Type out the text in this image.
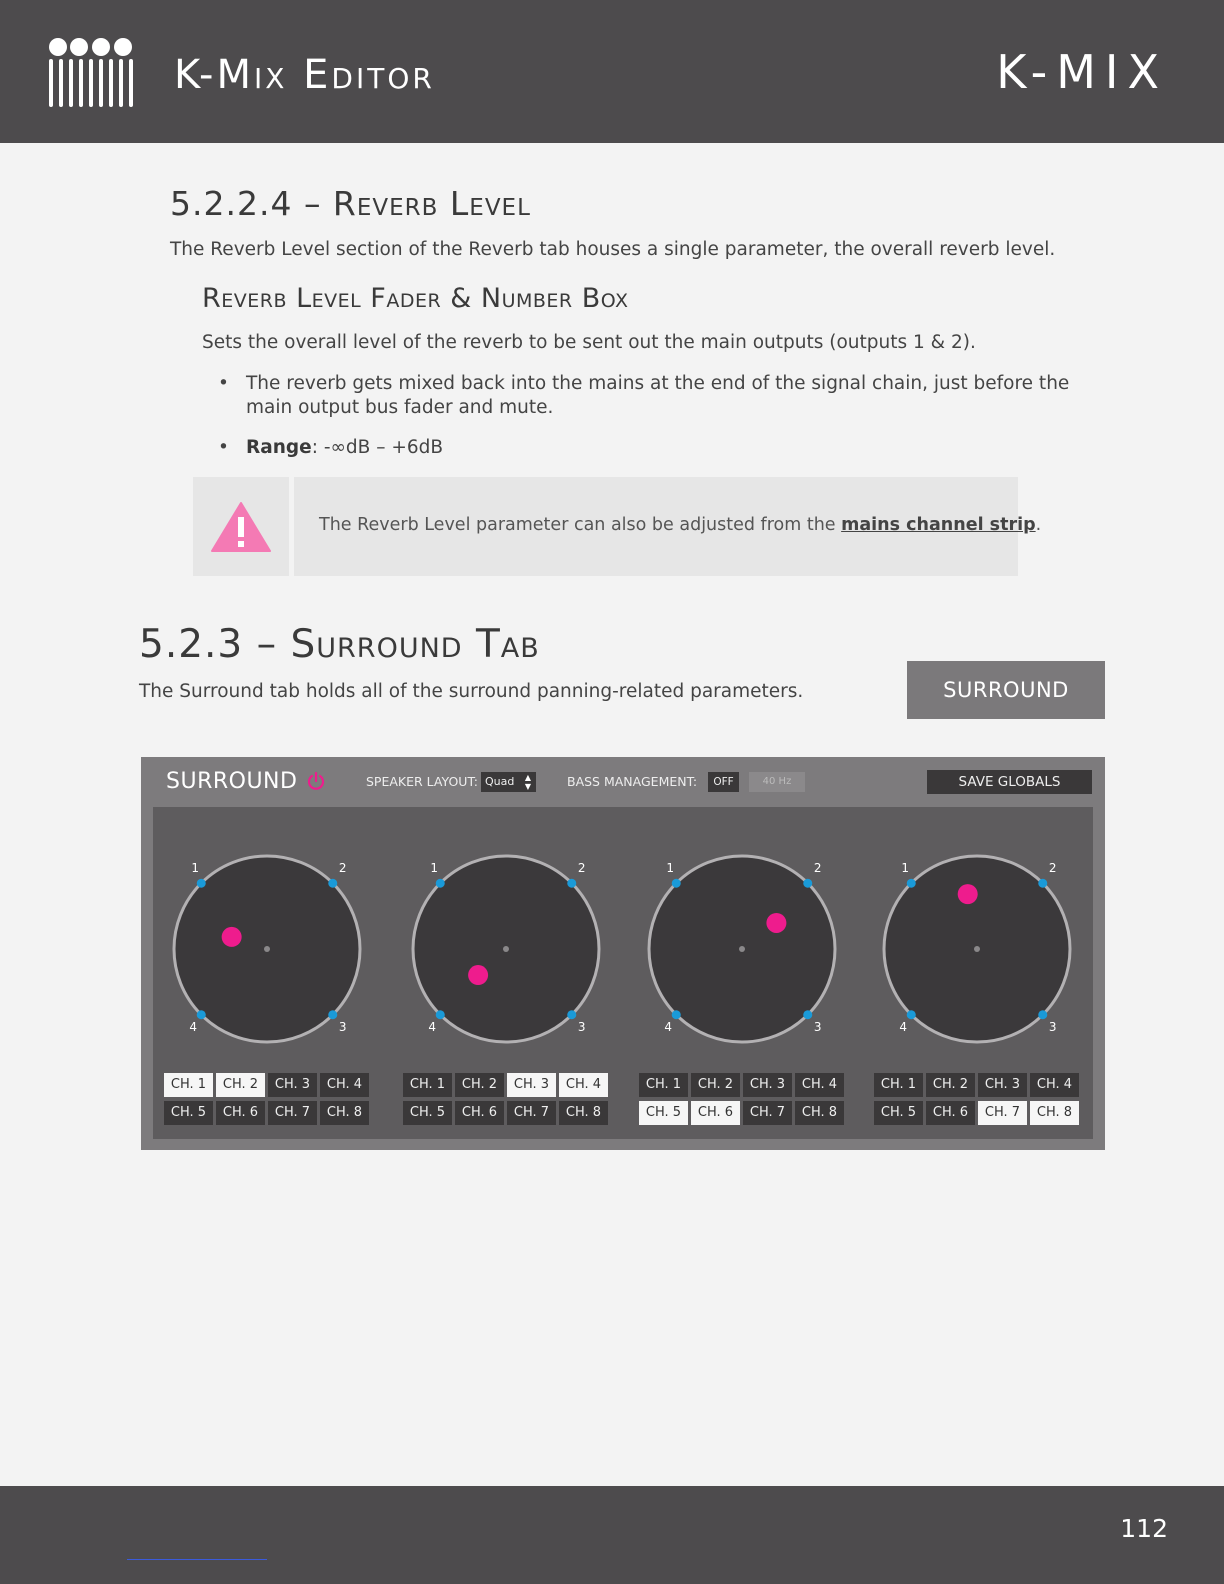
K-Mix Editor	K-MIX
5.2.2.4 – Reverb Level

The Reverb Level section of the Reverb tab houses a single parameter, the overall reverb level.

Reverb Level Fader & Number Box

Sets the overall level of the reverb to be sent out the main outputs (outputs 1 & 2).

• The reverb gets mixed back into the mains at the end of the signal chain, just before the main output bus fader and mute.
• Range: -∞dB – +6dB
The Reverb Level parameter can also be adjusted from the mains channel strip.
5.2.3 – Surround Tab

The Surround tab holds all of the surround panning-related parameters.	SURROUND
SURROUND	SPEAKER LAYOUT: Quad ▲
▼	BASS MANAGEMENT:	OFF	40 Hz	SAVE GLOBALS
1	2
3
4
1	2
3
4
1	2
3
4
1	2
3
4
CH. 1	CH. 2	CH. 3	CH. 4
CH. 5	CH. 6	CH. 7	CH. 8
CH. 1	CH. 2	CH. 3	CH. 4
CH. 5	CH. 6	CH. 7	CH. 8
CH. 1	CH. 2	CH. 3	CH. 4
CH. 5	CH. 6	CH. 7	CH. 8
CH. 1	CH. 2	CH. 3	CH. 4
CH. 5	CH. 6	CH. 7	CH. 8
112
